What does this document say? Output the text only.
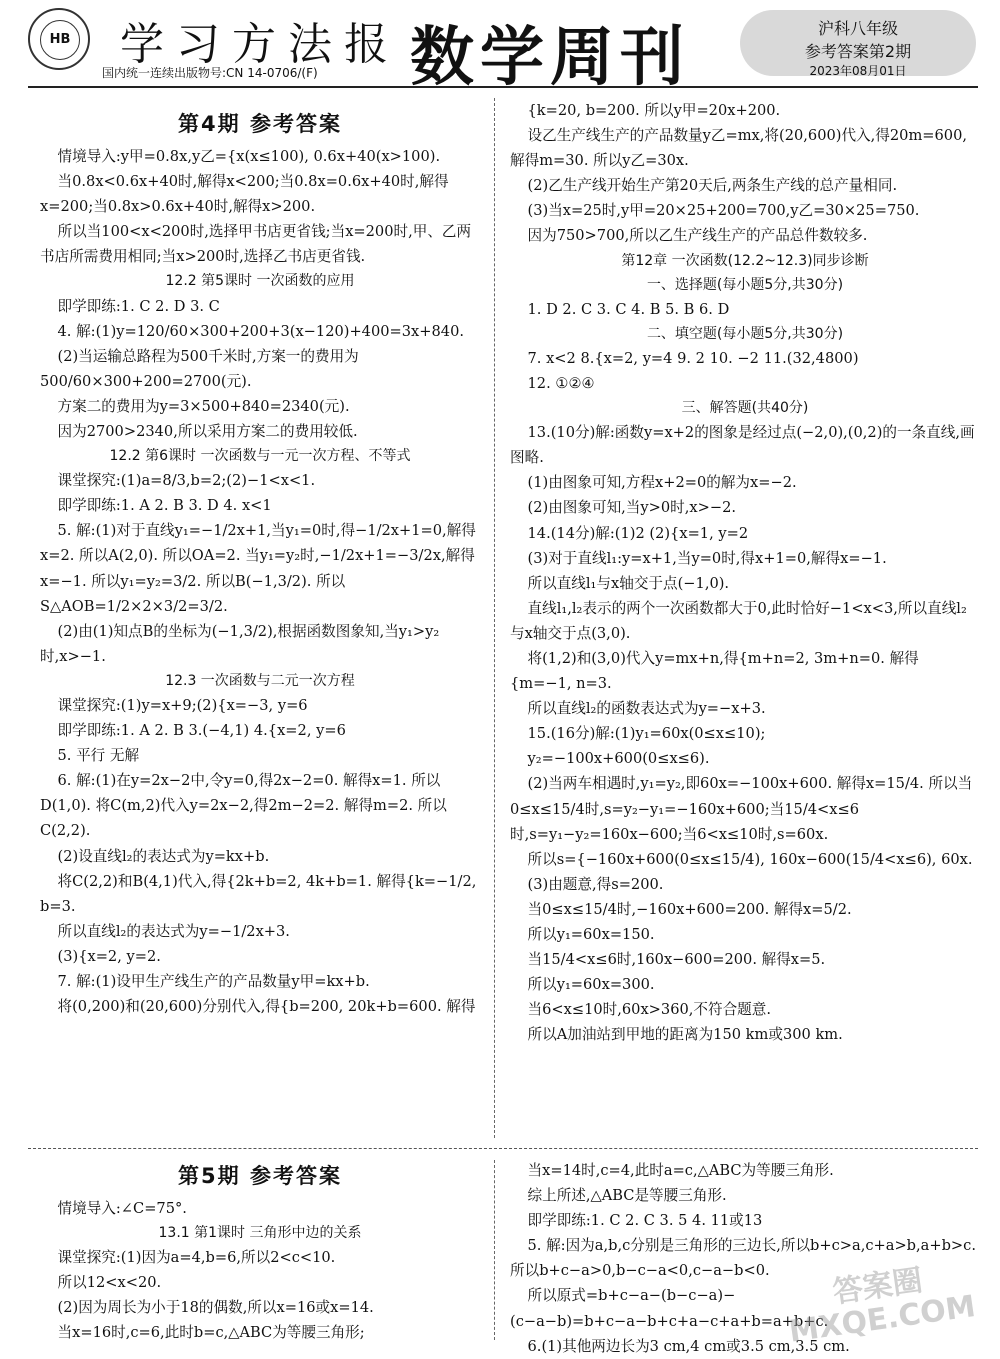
HB 学习方法报
国内统一连续出版物号:CN 14-0706/(F) 数学周刊	沪科八年级
参考答案第2期
2023年08月01日
第4期 参考答案

情境导入:y甲=0.8x,y乙={x(x≤100), 0.6x+40(x>100).

当0.8x<0.6x+40时,解得x<200;当0.8x=0.6x+40时,解得x=200;当0.8x>0.6x+40时,解得x>200.

所以当100<x<200时,选择甲书店更省钱;当x=200时,甲、乙两书店所需费用相同;当x>200时,选择乙书店更省钱.

12.2 第5课时 一次函数的应用

即学即练:1. C 2. D 3. C

4. 解:(1)y=120/60×300+200+3(x−120)+400=3x+840.

(2)当运输总路程为500千米时,方案一的费用为500/60×300+200=2700(元).

方案二的费用为y=3×500+840=2340(元).

因为2700>2340,所以采用方案二的费用较低.

12.2 第6课时 一次函数与一元一次方程、不等式

课堂探究:(1)a=8/3,b=2;(2)−1<x<1.

即学即练:1. A 2. B 3. D 4. x<1

5. 解:(1)对于直线y₁=−1/2x+1,当y₁=0时,得−1/2x+1=0,解得x=2. 所以A(2,0). 所以OA=2. 当y₁=y₂时,−1/2x+1=−3/2x,解得x=−1. 所以y₁=y₂=3/2. 所以B(−1,3/2). 所以S△AOB=1/2×2×3/2=3/2.

(2)由(1)知点B的坐标为(−1,3/2),根据函数图象知,当y₁>y₂时,x>−1.

12.3 一次函数与二元一次方程

课堂探究:(1)y=x+9;(2){x=−3, y=6

即学即练:1. A 2. B 3.(−4,1) 4.{x=2, y=6

5. 平行 无解

6. 解:(1)在y=2x−2中,令y=0,得2x−2=0. 解得x=1. 所以D(1,0). 将C(m,2)代入y=2x−2,得2m−2=2. 解得m=2. 所以C(2,2).

(2)设直线l₂的表达式为y=kx+b.

将C(2,2)和B(4,1)代入,得{2k+b=2, 4k+b=1. 解得{k=−1/2, b=3.

所以直线l₂的表达式为y=−1/2x+3.

(3){x=2, y=2.

7. 解:(1)设甲生产线生产的产品数量y甲=kx+b.

将(0,200)和(20,600)分别代入,得{b=200, 20k+b=600. 解得

{k=20, b=200. 所以y甲=20x+200.

设乙生产线生产的产品数量y乙=mx,将(20,600)代入,得20m=600,解得m=30. 所以y乙=30x.

(2)乙生产线开始生产第20天后,两条生产线的总产量相同.

(3)当x=25时,y甲=20×25+200=700,y乙=30×25=750.

因为750>700,所以乙生产线生产的产品总件数较多.

第12章 一次函数(12.2~12.3)同步诊断

一、选择题(每小题5分,共30分)

1. D 2. C 3. C 4. B 5. B 6. D

二、填空题(每小题5分,共30分)

7. x<2 8.{x=2, y=4 9. 2 10. −2 11.(32,4800)

12. ①②④

三、解答题(共40分)

13.(10分)解:函数y=x+2的图象是经过点(−2,0),(0,2)的一条直线,画图略.

(1)由图象可知,方程x+2=0的解为x=−2.

(2)由图象可知,当y>0时,x>−2.

14.(14分)解:(1)2 (2){x=1, y=2

(3)对于直线l₁:y=x+1,当y=0时,得x+1=0,解得x=−1.

所以直线l₁与x轴交于点(−1,0).

直线l₁,l₂表示的两个一次函数都大于0,此时恰好−1<x<3,所以直线l₂与x轴交于点(3,0).

将(1,2)和(3,0)代入y=mx+n,得{m+n=2, 3m+n=0. 解得{m=−1, n=3.

所以直线l₂的函数表达式为y=−x+3.

15.(16分)解:(1)y₁=60x(0≤x≤10);

y₂=−100x+600(0≤x≤6).

(2)当两车相遇时,y₁=y₂,即60x=−100x+600. 解得x=15/4. 所以当0≤x≤15/4时,s=y₂−y₁=−160x+600;当15/4<x≤6时,s=y₁−y₂=160x−600;当6<x≤10时,s=60x.

所以s={−160x+600(0≤x≤15/4), 160x−600(15/4<x≤6), 60x.

(3)由题意,得s=200.

当0≤x≤15/4时,−160x+600=200. 解得x=5/2.

所以y₁=60x=150.

当15/4<x≤6时,160x−600=200. 解得x=5.

所以y₁=60x=300.

当6<x≤10时,60x>360,不符合题意.

所以A加油站到甲地的距离为150 km或300 km.

第5期 参考答案

情境导入:∠C=75°.

13.1 第1课时 三角形中边的关系

课堂探究:(1)因为a=4,b=6,所以2<c<10.

所以12<x<20.

(2)因为周长为小于18的偶数,所以x=16或x=14.

当x=16时,c=6,此时b=c,△ABC为等腰三角形;

当x=14时,c=4,此时a=c,△ABC为等腰三角形.

综上所述,△ABC是等腰三角形.

即学即练:1. C 2. C 3. 5 4. 11或13

5. 解:因为a,b,c分别是三角形的三边长,所以b+c>a,c+a>b,a+b>c. 所以b+c−a>0,b−c−a<0,c−a−b<0.

所以原式=b+c−a−(b−c−a)−(c−a−b)=b+c−a−b+c+a−c+a+b=a+b+c.

6.(1)其他两边长为3 cm,4 cm或3.5 cm,3.5 cm.

答案圈 MXQE.COM
